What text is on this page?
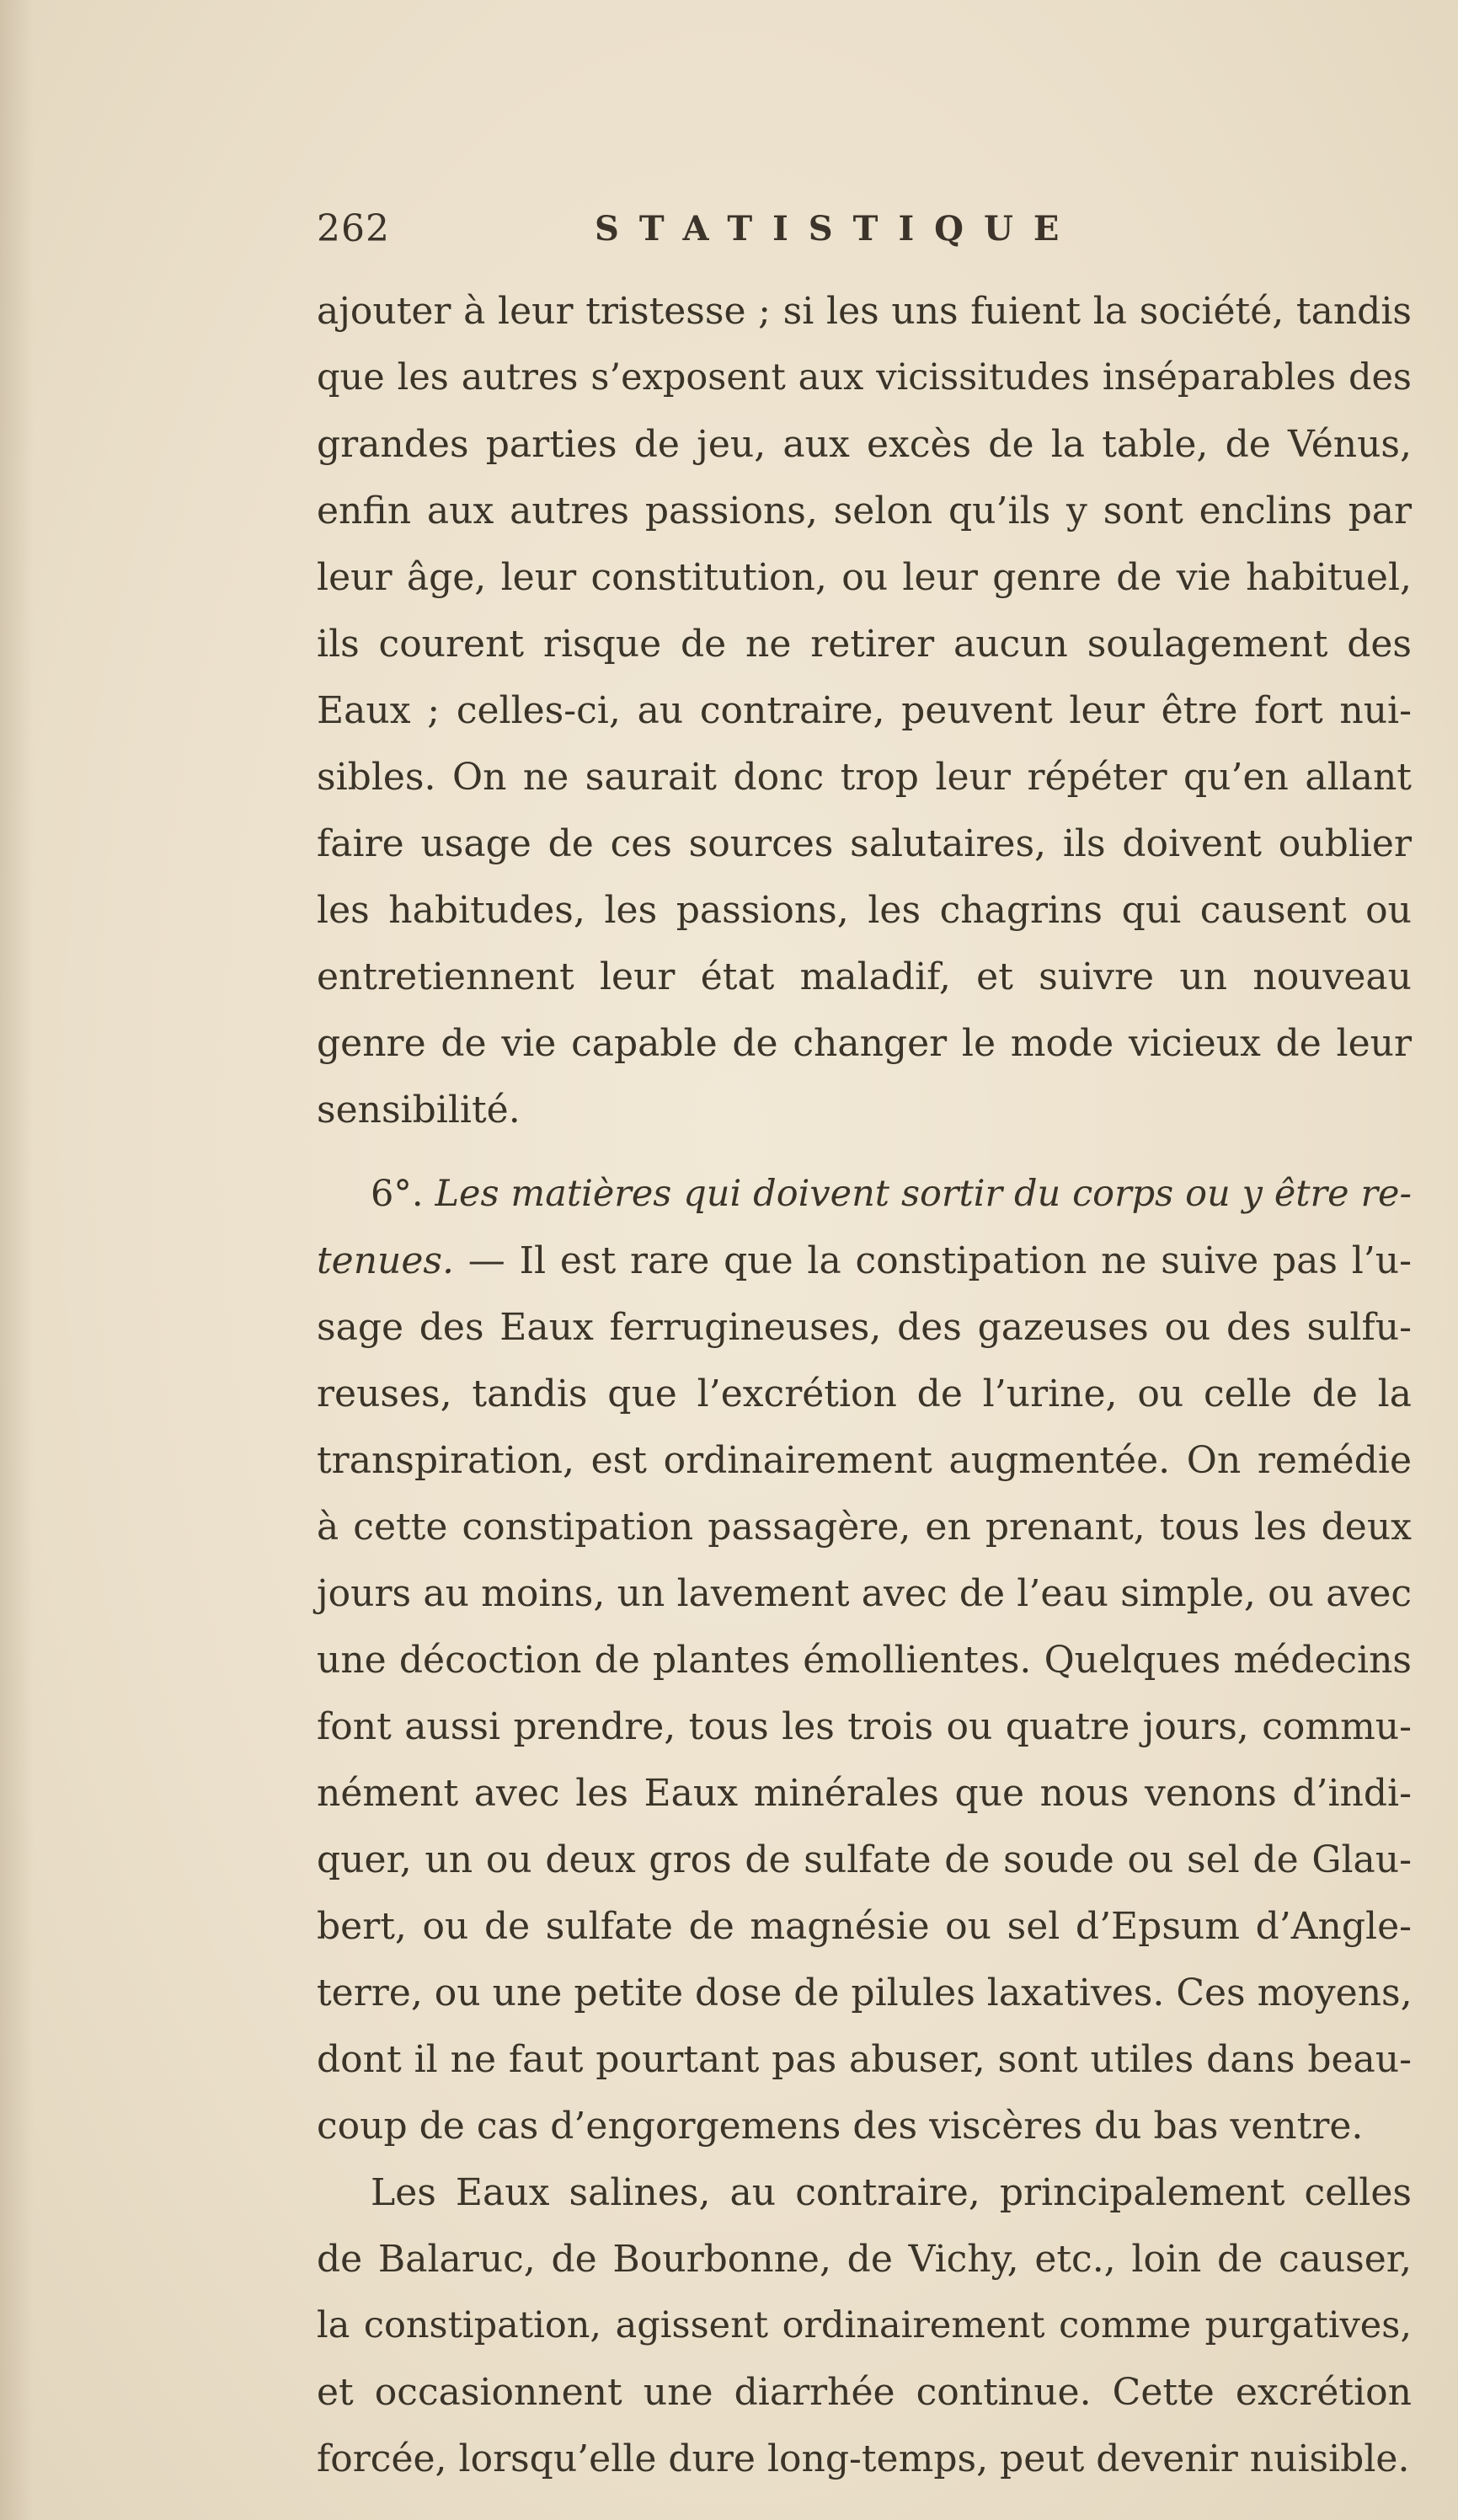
262	STATISTIQUE
ajouter à leur tristesse ; si les uns fuient la société, tandis
que les autres s’exposent aux vicissitudes inséparables des
grandes parties de jeu, aux excès de la table, de Vénus,
enfin aux autres passions, selon qu’ils y sont enclins par
leur âge, leur constitution, ou leur genre de vie habituel,
ils courent risque de ne retirer aucun soulagement des
Eaux ; celles-ci, au contraire, peuvent leur être fort nui-
sibles. On ne saurait donc trop leur répéter qu’en allant
faire usage de ces sources salutaires, ils doivent oublier
les habitudes, les passions, les chagrins qui causent ou
entretiennent leur état maladif, et suivre un nouveau
genre de vie capable de changer le mode vicieux de leur
sensibilité.
6°. Les matières qui doivent sortir du corps ou y être re-
tenues. — Il est rare que la constipation ne suive pas l’u-
sage des Eaux ferrugineuses, des gazeuses ou des sulfu-
reuses, tandis que l’excrétion de l’urine, ou celle de la
transpiration, est ordinairement augmentée. On remédie
à cette constipation passagère, en prenant, tous les deux
jours au moins, un lavement avec de l’eau simple, ou avec
une décoction de plantes émollientes. Quelques médecins
font aussi prendre, tous les trois ou quatre jours, commu-
nément avec les Eaux minérales que nous venons d’indi-
quer, un ou deux gros de sulfate de soude ou sel de Glau-
bert, ou de sulfate de magnésie ou sel d’Epsum d’Angle-
terre, ou une petite dose de pilules laxatives. Ces moyens,
dont il ne faut pourtant pas abuser, sont utiles dans beau-
coup de cas d’engorgemens des viscères du bas ventre.
Les Eaux salines, au contraire, principalement celles
de Balaruc, de Bourbonne, de Vichy, etc., loin de causer,
la constipation, agissent ordinairement comme purgatives,
et occasionnent une diarrhée continue. Cette excrétion
forcée, lorsqu’elle dure long-temps, peut devenir nuisible.
